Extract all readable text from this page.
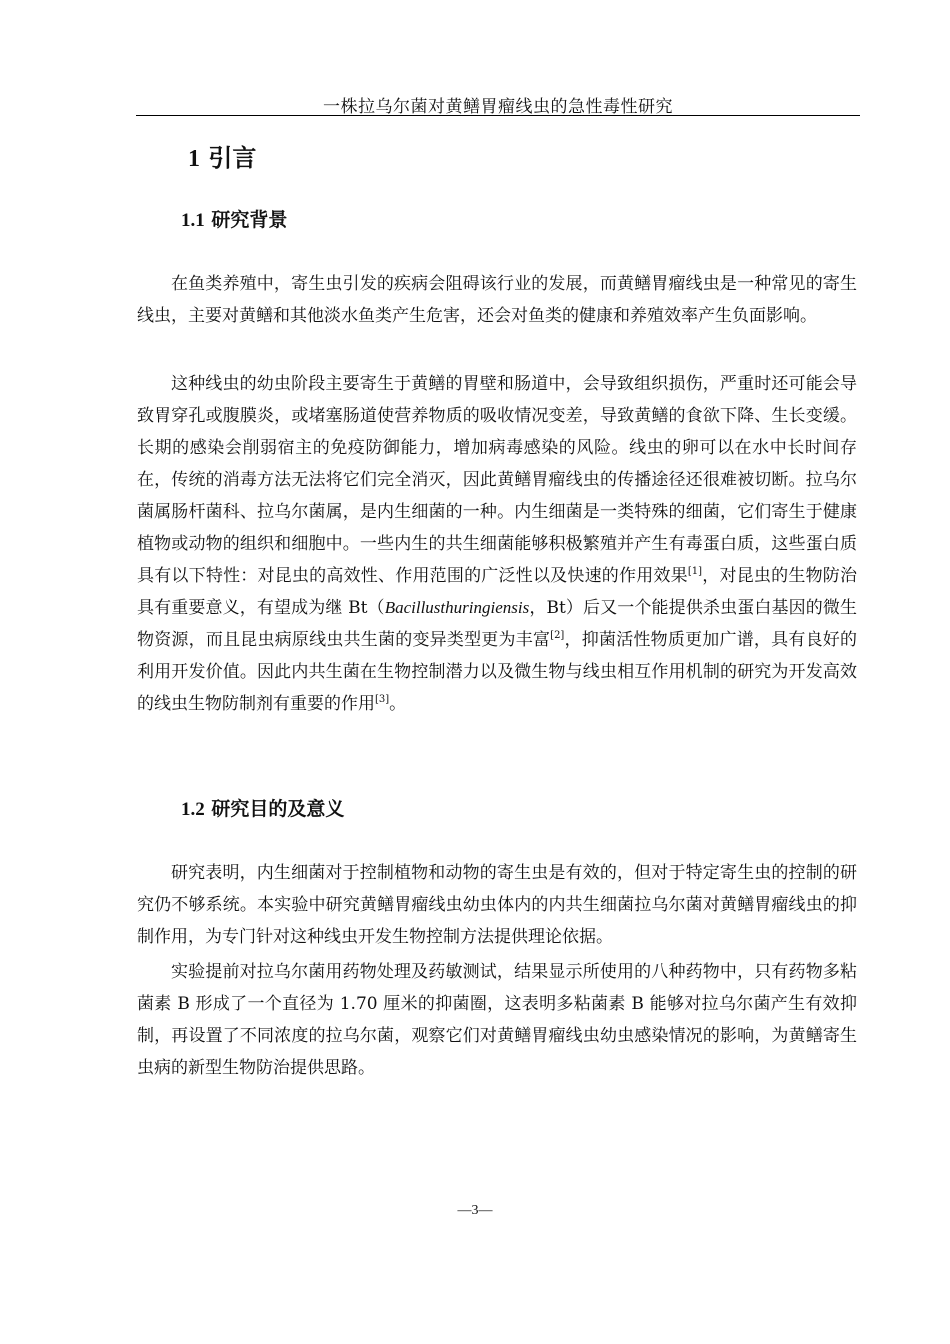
一株拉乌尔菌对黄鳝胃瘤线虫的急性毒性研究
1 引言
1.1 研究背景

在鱼类养殖中，寄生虫引发的疾病会阻碍该行业的发展，而黄鳝胃瘤线虫是一种常见的寄生线虫，主要对黄鳝和其他淡水鱼类产生危害，还会对鱼类的健康和养殖效率产生负面影响。

这种线虫的幼虫阶段主要寄生于黄鳝的胃壁和肠道中，会导致组织损伤，严重时还可能会导致胃穿孔或腹膜炎，或堵塞肠道使营养物质的吸收情况变差，导致黄鳝的食欲下降、生长变缓。长期的感染会削弱宿主的免疫防御能力，增加病毒感染的风险。线虫的卵可以在水中长时间存在，传统的消毒方法无法将它们完全消灭，因此黄鳝胃瘤线虫的传播途径还很难被切断。拉乌尔菌属肠杆菌科、拉乌尔菌属，是内生细菌的一种。内生细菌是一类特殊的细菌，它们寄生于健康植物或动物的组织和细胞中。一些内生的共生细菌能够积极繁殖并产生有毒蛋白质，这些蛋白质具有以下特性：对昆虫的高效性、作用范围的广泛性以及快速的作用效果[1]，对昆虫的生物防治具有重要意义，有望成为继 Bt（Bacillusthuringiensis，Bt）后又一个能提供杀虫蛋白基因的微生物资源，而且昆虫病原线虫共生菌的变异类型更为丰富[2]，抑菌活性物质更加广谱，具有良好的利用开发价值。因此内共生菌在生物控制潜力以及微生物与线虫相互作用机制的研究为开发高效的线虫生物防制剂有重要的作用[3]。

1.2 研究目的及意义

研究表明，内生细菌对于控制植物和动物的寄生虫是有效的，但对于特定寄生虫的控制的研究仍不够系统。本实验中研究黄鳝胃瘤线虫幼虫体内的内共生细菌拉乌尔菌对黄鳝胃瘤线虫的抑制作用，为专门针对这种线虫开发生物控制方法提供理论依据。

实验提前对拉乌尔菌用药物处理及药敏测试，结果显示所使用的八种药物中，只有药物多粘菌素 B 形成了一个直径为 1.70 厘米的抑菌圈，这表明多粘菌素 B 能够对拉乌尔菌产生有效抑制，再设置了不同浓度的拉乌尔菌，观察它们对黄鳝胃瘤线虫幼虫感染情况的影响，为黄鳝寄生虫病的新型生物防治提供思路。

—3—
